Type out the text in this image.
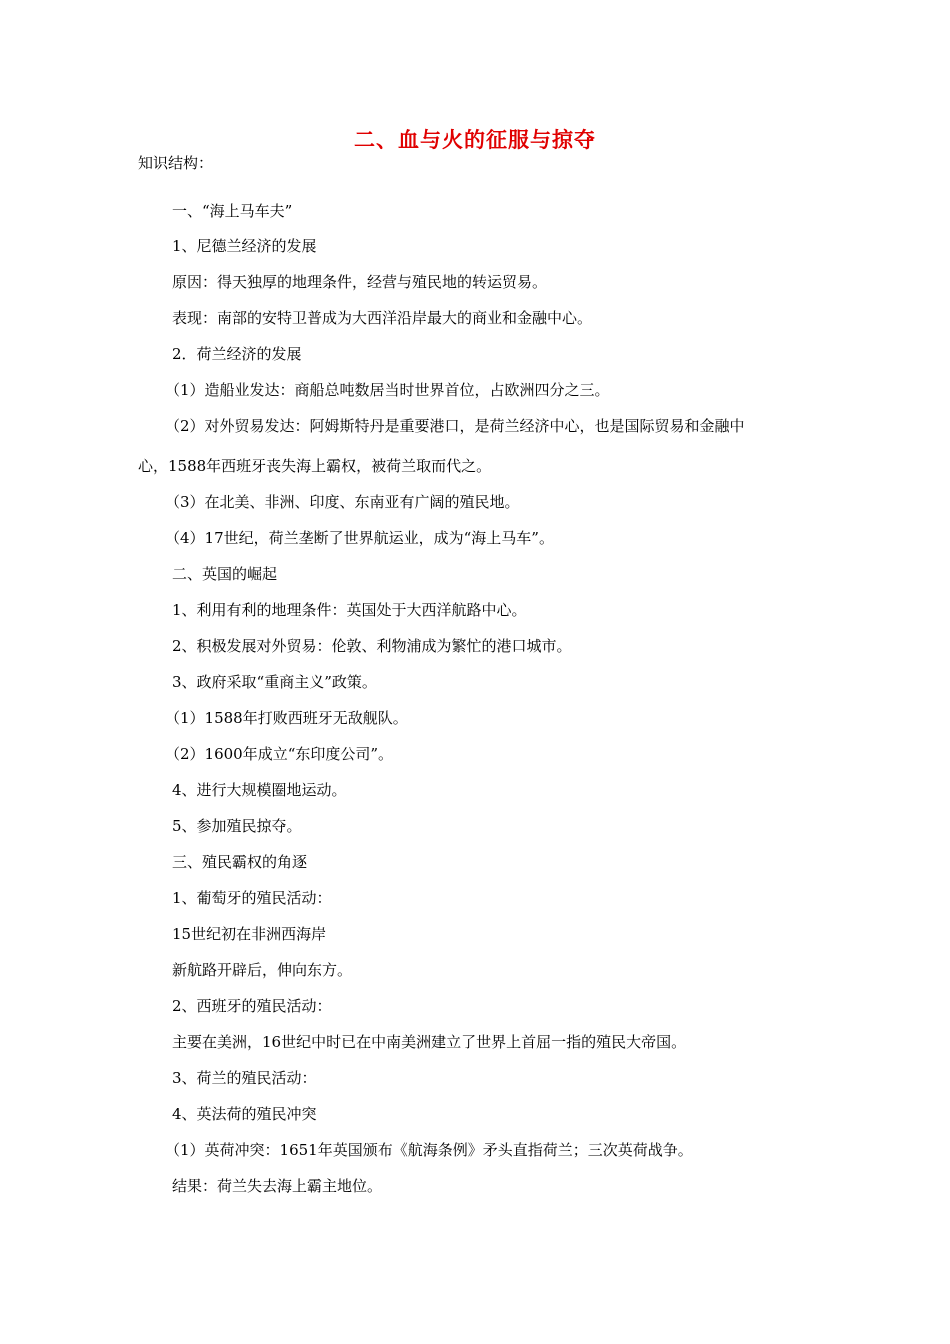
二、血与火的征服与掠夺
知识结构：
一、“海上马车夫”
1、尼德兰经济的发展
原因：得天独厚的地理条件，经营与殖民地的转运贸易。
表现：南部的安特卫普成为大西洋沿岸最大的商业和金融中心。
2．荷兰经济的发展
（1）造船业发达：商船总吨数居当时世界首位，占欧洲四分之三。
（2）对外贸易发达：阿姆斯特丹是重要港口，是荷兰经济中心，也是国际贸易和金融中
心，1588年西班牙丧失海上霸权，被荷兰取而代之。
（3）在北美、非洲、印度、东南亚有广阔的殖民地。
（4）17世纪，荷兰垄断了世界航运业，成为“海上马车”。
二、英国的崛起
1、利用有利的地理条件：英国处于大西洋航路中心。
2、积极发展对外贸易：伦敦、利物浦成为繁忙的港口城市。
3、政府采取“重商主义”政策。
（1）1588年打败西班牙无敌舰队。
（2）1600年成立“东印度公司”。
4、进行大规模圈地运动。
5、参加殖民掠夺。
三、殖民霸权的角逐
1、葡萄牙的殖民活动：
15世纪初在非洲西海岸
新航路开辟后，伸向东方。
2、西班牙的殖民活动：
主要在美洲，16世纪中时已在中南美洲建立了世界上首屈一指的殖民大帝国。
3、荷兰的殖民活动：
4、英法荷的殖民冲突
（1）英荷冲突：1651年英国颁布《航海条例》矛头直指荷兰；三次英荷战争。
结果：荷兰失去海上霸主地位。
